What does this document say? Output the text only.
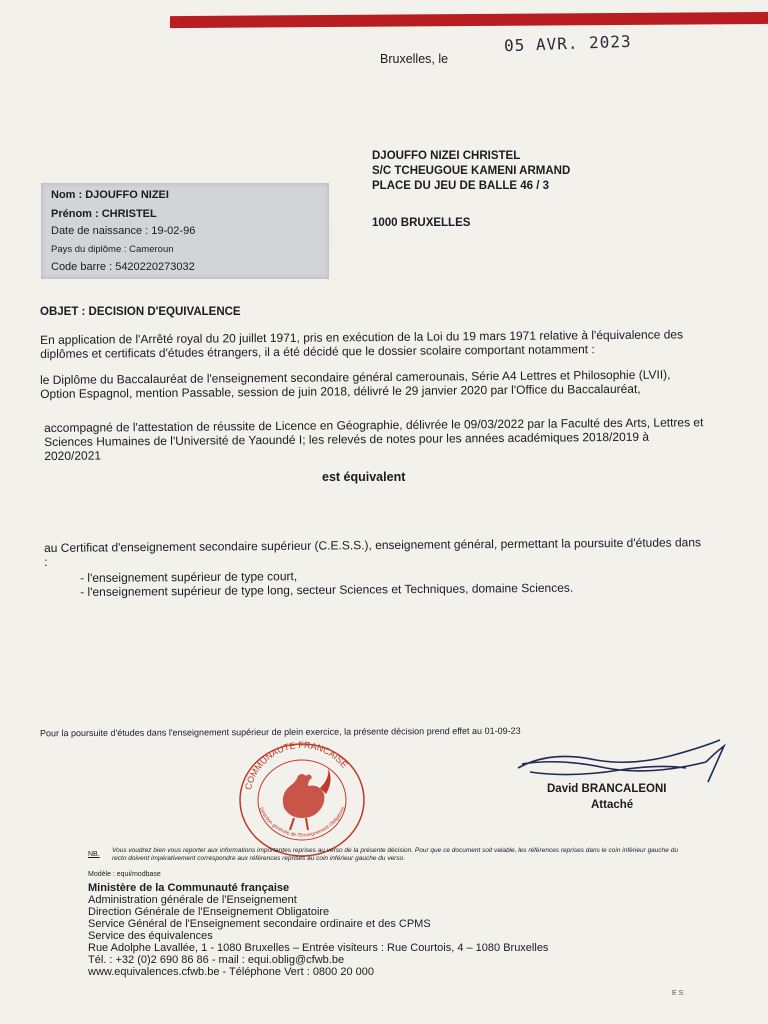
05 AVR. 2023
Bruxelles, le
DJOUFFO NIZEI CHRISTEL
S/C TCHEUGOUE KAMENI ARMAND
PLACE DU JEU DE BALLE 46 / 3
1000 BRUXELLES
Nom : DJOUFFO NIZEI
Prénom : CHRISTEL
Date de naissance : 19-02-96
Pays du diplôme : Cameroun
Code barre : 5420220273032
OBJET : DECISION D'EQUIVALENCE
En application de l'Arrêté royal du 20 juillet 1971, pris en exécution de la Loi du 19 mars 1971 relative à l'équivalence des diplômes et certificats d'études étrangers, il a été décidé que le dossier scolaire comportant notamment :
le Diplôme du Baccalauréat de l'enseignement secondaire général camerounais, Série A4 Lettres et Philosophie (LVII), Option Espagnol, mention Passable, session de juin 2018, délivré le 29 janvier 2020 par l'Office du Baccalauréat,
accompagné de l'attestation de réussite de Licence en Géographie, délivrée le 09/03/2022 par la Faculté des Arts, Lettres et Sciences Humaines de l'Université de Yaoundé I; les relevés de notes pour les années académiques 2018/2019 à 2020/2021
est équivalent
au Certificat d'enseignement secondaire supérieur (C.E.S.S.), enseignement général, permettant la poursuite d'études dans :
- l'enseignement supérieur de type court,
- l'enseignement supérieur de type long, secteur Sciences et Techniques, domaine Sciences.
Pour la poursuite d'études dans l'enseignement supérieur de plein exercice, la présente décision prend effet au 01-09-23
COMMUNAUTE FRANCAISE
Direction générale de l'Enseignement Obligatoire
David BRANCALEONI
Attaché
NB.
Vous voudrez bien vous reporter aux informations importantes reprises au verso de la présente décision. Pour que ce document soit valable, les références reprises dans le coin inférieur gauche du recto doivent impérativement correspondre aux références reprises au coin inférieur gauche du verso.
Modèle : equi/modbase
Ministère de la Communauté française
Administration générale de l'Enseignement
Direction Générale de l'Enseignement Obligatoire
Service Général de l'Enseignement secondaire ordinaire et des CPMS
Service des équivalences
Rue Adolphe Lavallée, 1 - 1080 Bruxelles – Entrée visiteurs : Rue Courtois, 4 – 1080 Bruxelles
Tél. : +32 (0)2 690 86 86 - mail : equi.oblig@cfwb.be
www.equivalences.cfwb.be - Téléphone Vert : 0800 20 000
ES
